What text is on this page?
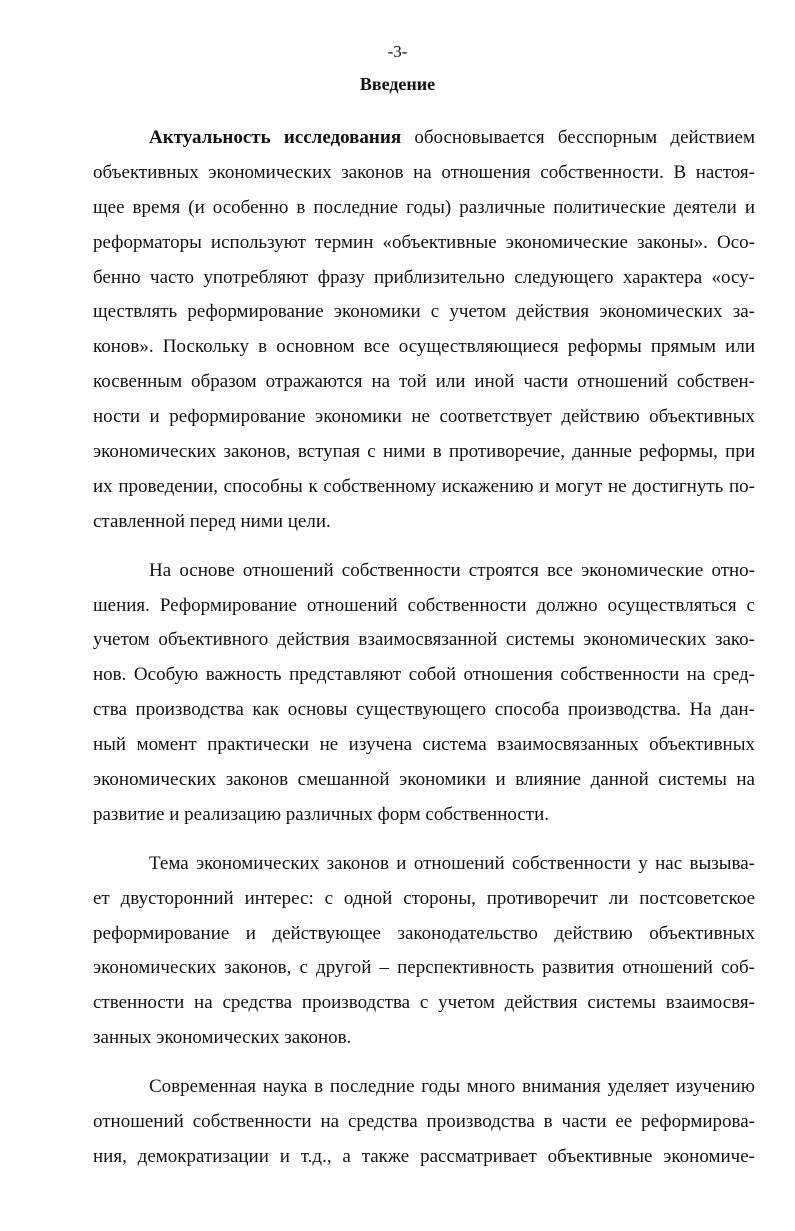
-3-
Введение
Актуальность исследования обосновывается бесспорным действием
объективных экономических законов на отношения собственности. В настоя-
щее время (и особенно в последние годы) различные политические деятели и
реформаторы используют термин «объективные экономические законы». Осо-
бенно часто употребляют фразу приблизительно следующего характера «осу-
ществлять реформирование экономики с учетом действия экономических за-
конов». Поскольку в основном все осуществляющиеся реформы прямым или
косвенным образом отражаются на той или иной части отношений собствен-
ности и реформирование экономики не соответствует действию объективных
экономических законов, вступая с ними в противоречие, данные реформы, при
их проведении, способны к собственному искажению и могут не достигнуть по-
ставленной перед ними цели.
На основе отношений собственности строятся все экономические отно-
шения. Реформирование отношений собственности должно осуществляться с
учетом объективного действия взаимосвязанной системы экономических зако-
нов. Особую важность представляют собой отношения собственности на сред-
ства производства как основы существующего способа производства. На дан-
ный момент практически не изучена система взаимосвязанных объективных
экономических законов смешанной экономики и влияние данной системы на
развитие и реализацию различных форм собственности.
Тема экономических законов и отношений собственности у нас вызыва-
ет двусторонний интерес: с одной стороны, противоречит ли постсоветское
реформирование и действующее законодательство действию объективных
экономических законов, с другой – перспективность развития отношений соб-
ственности на средства производства с учетом действия системы взаимосвя-
занных экономических законов.
Современная наука в последние годы много внимания уделяет изучению
отношений собственности на средства производства в части ее реформирова-
ния, демократизации и т.д., а также рассматривает объективные экономиче-
